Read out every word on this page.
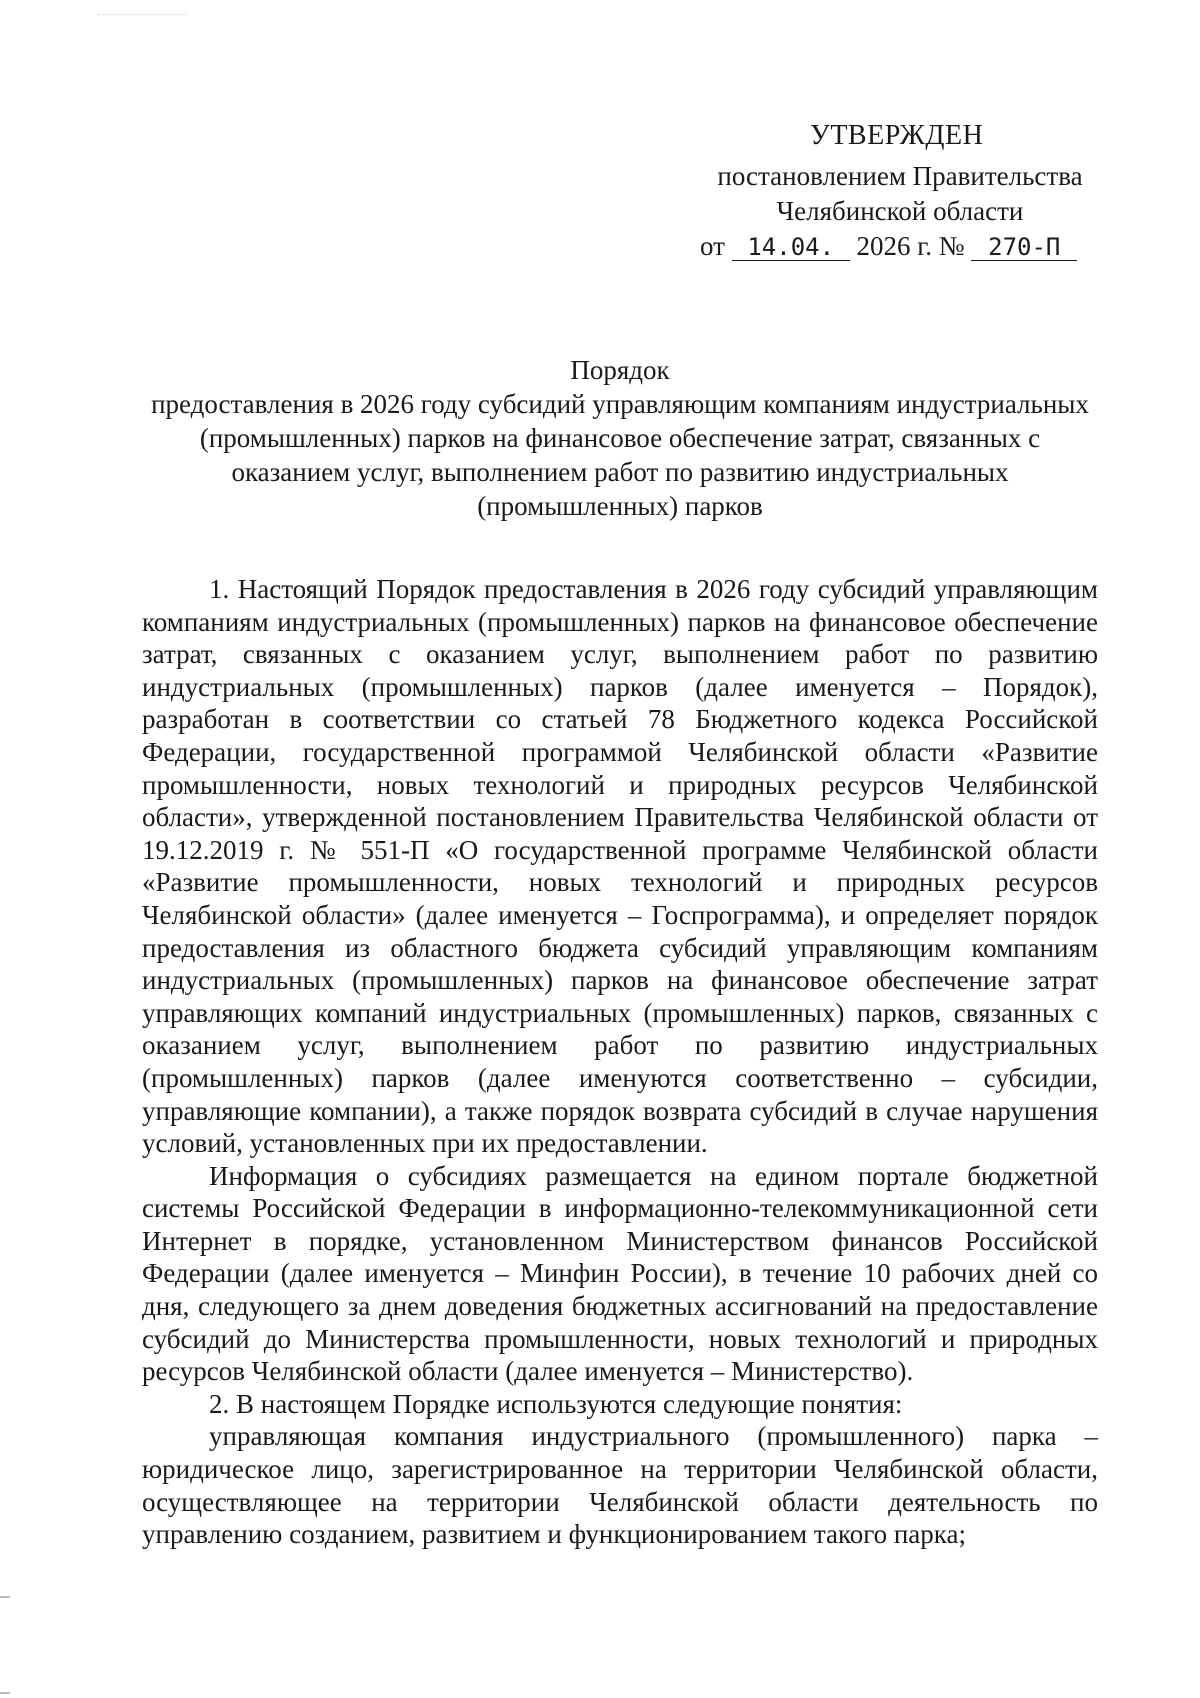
УТВЕРЖДЕН
постановлением Правительства
Челябинской области
от 14.04. 2026 г. № 270-П
Порядок
предоставления в 2026 году субсидий управляющим компаниям индустриальных (промышленных) парков на финансовое обеспечение затрат, связанных с оказанием услуг, выполнением работ по развитию индустриальных (промышленных) парков

1. Настоящий Порядок предоставления в 2026 году субсидий управляющим компаниям индустриальных (промышленных) парков на финансовое обеспечение затрат, связанных с оказанием услуг, выполнением работ по развитию индустриальных (промышленных) парков (далее именуется – Порядок), разработан в соответствии со статьей 78 Бюджетного кодекса Российской Федерации, государственной программой Челябинской области «Развитие промышленности, новых технологий и природных ресурсов Челябинской области», утвержденной постановлением Правительства Челябинской области от 19.12.2019 г. № 551-П «О государственной программе Челябинской области «Развитие промышленности, новых технологий и природных ресурсов Челябинской области» (далее именуется – Госпрограмма), и определяет порядок предоставления из областного бюджета субсидий управляющим компаниям индустриальных (промышленных) парков на финансовое обеспечение затрат управляющих компаний индустриальных (промышленных) парков, связанных с оказанием услуг, выполнением работ по развитию индустриальных (промышленных) парков (далее именуются соответственно – субсидии, управляющие компании), а также порядок возврата субсидий в случае нарушения условий, установленных при их предоставлении.

Информация о субсидиях размещается на едином портале бюджетной системы Российской Федерации в информационно-телекоммуникационной сети Интернет в порядке, установленном Министерством финансов Российской Федерации (далее именуется – Минфин России), в течение 10 рабочих дней со дня, следующего за днем доведения бюджетных ассигнований на предоставление субсидий до Министерства промышленности, новых технологий и природных ресурсов Челябинской области (далее именуется – Министерство).

2. В настоящем Порядке используются следующие понятия:

управляющая компания индустриального (промышленного) парка – юридическое лицо, зарегистрированное на территории Челябинской области, осуществляющее на территории Челябинской области деятельность по управлению созданием, развитием и функционированием такого парка;
